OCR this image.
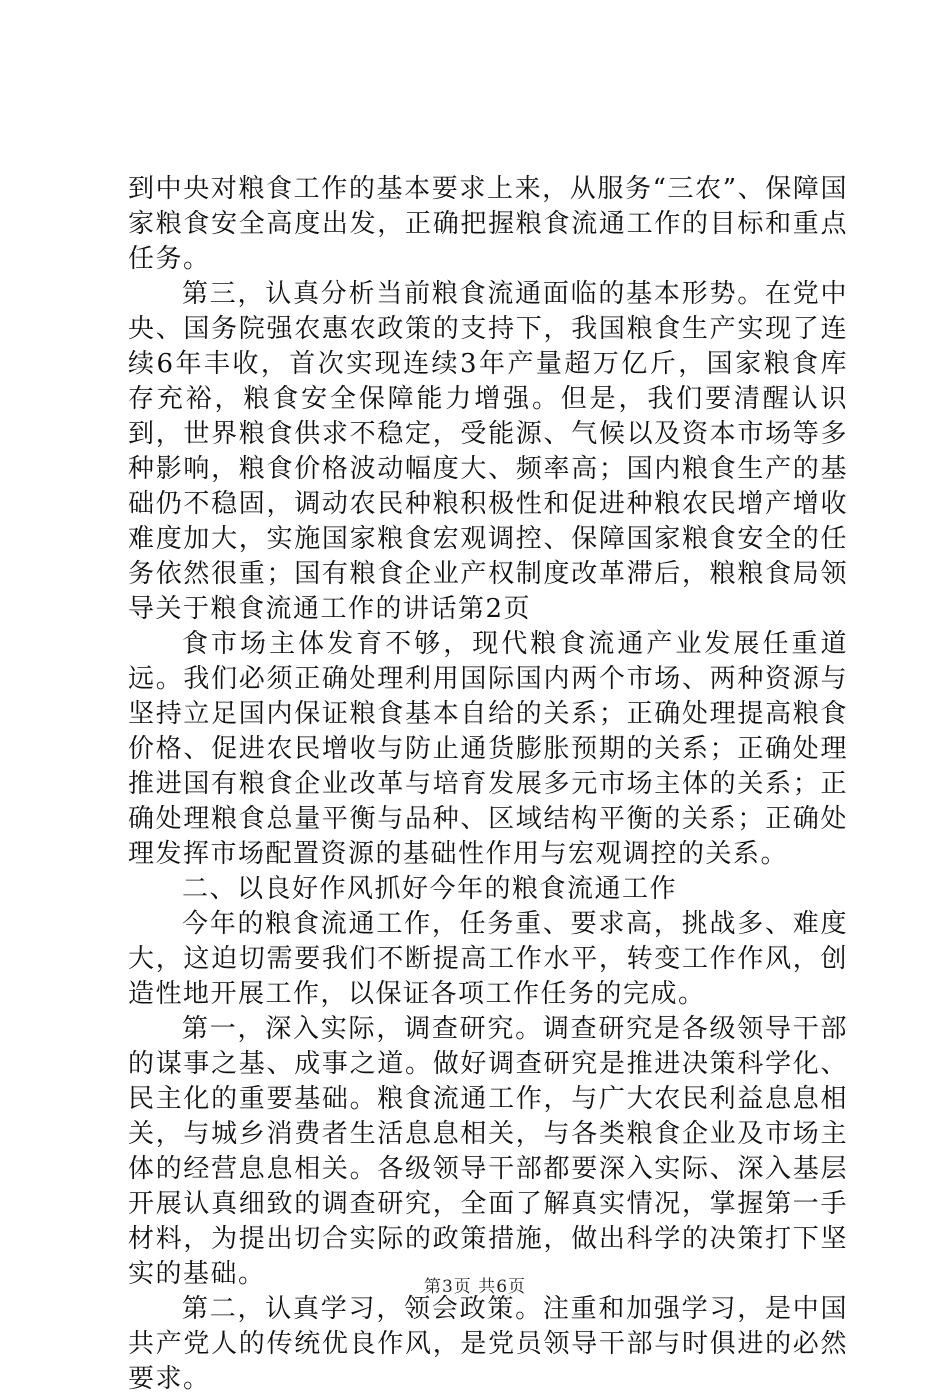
到中央对粮食工作的基本要求上来，从服务“三农”、保障国家粮食安全高度出发，正确把握粮食流通工作的目标和重点任务。

第三，认真分析当前粮食流通面临的基本形势。在党中央、国务院强农惠农政策的支持下，我国粮食生产实现了连续6年丰收，首次实现连续3年产量超万亿斤，国家粮食库存充裕，粮食安全保障能力增强。但是，我们要清醒认识到，世界粮食供求不稳定，受能源、气候以及资本市场等多种影响，粮食价格波动幅度大、频率高；国内粮食生产的基础仍不稳固，调动农民种粮积极性和促进种粮农民增产增收难度加大，实施国家粮食宏观调控、保障国家粮食安全的任务依然很重；国有粮食企业产权制度改革滞后，粮粮食局领导关于粮食流通工作的讲话第2页

食市场主体发育不够，现代粮食流通产业发展任重道远。我们必须正确处理利用国际国内两个市场、两种资源与坚持立足国内保证粮食基本自给的关系；正确处理提高粮食价格、促进农民增收与防止通货膨胀预期的关系；正确处理推进国有粮食企业改革与培育发展多元市场主体的关系；正确处理粮食总量平衡与品种、区域结构平衡的关系；正确处理发挥市场配置资源的基础性作用与宏观调控的关系。

二、以良好作风抓好今年的粮食流通工作

今年的粮食流通工作，任务重、要求高，挑战多、难度大，这迫切需要我们不断提高工作水平，转变工作作风，创造性地开展工作，以保证各项工作任务的完成。

第一，深入实际，调查研究。调查研究是各级领导干部的谋事之基、成事之道。做好调查研究是推进决策科学化、民主化的重要基础。粮食流通工作，与广大农民利益息息相关，与城乡消费者生活息息相关，与各类粮食企业及市场主体的经营息息相关。各级领导干部都要深入实际、深入基层开展认真细致的调查研究，全面了解真实情况，掌握第一手材料，为提出切合实际的政策措施，做出科学的决策打下坚实的基础。

第二，认真学习，领会政策。注重和加强学习，是中国共产党人的传统优良作风，是党员领导干部与时俱进的必然要求。

第3页 共6页
